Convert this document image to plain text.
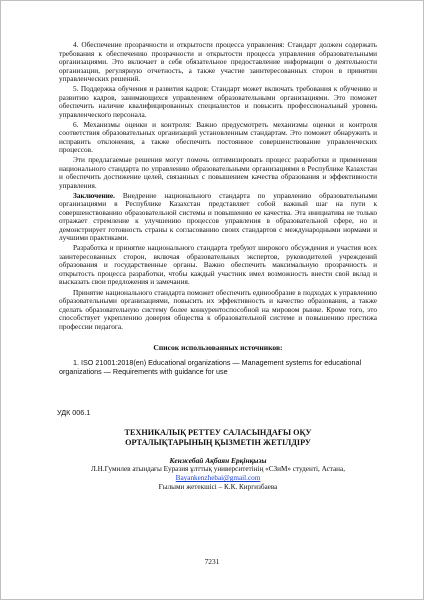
4. Обеспечение прозрачности и открытости процесса управления: Стандарт должен содержать требования к обеспечению прозрачности и открытости процесса управления образовательными организациями. Это включает в себя обязательное предоставление информации о деятельности организации, регулярную отчетность, а также участие заинтересованных сторон в принятии управленческих решений.

5. Поддержка обучения и развития кадров: Стандарт может включать требования к обучению и развитию кадров, занимающихся управлением образовательными организациями. Это поможет обеспечить наличие квалифицированных специалистов и повысить профессиональный уровень управленческого персонала.

6. Механизмы оценки и контроля: Важно предусмотреть механизмы оценки и контроля соответствия образовательных организаций установленным стандартам. Это поможет обнаружить и исправить отклонения, а также обеспечить постоянное совершенствование управленческих процессов.

Эти предлагаемые решения могут помочь оптимизировать процесс разработки и применения национального стандарта по управлению образовательными организациями в Республике Казахстан и обеспечить достижение целей, связанных с повышением качества образования и эффективности управления.

Заключение. Внедрение национального стандарта по управлению образовательными организациями в Республике Казахстан представляет собой важный шаг на пути к совершенствованию образовательной системы и повышению ее качества. Эта инициатива не только отражает стремление к улучшению процессов управления в образовательной сфере, но и демонстрирует готовность страны к согласованию своих стандартов с международными нормами и лучшими практиками.

Разработка и принятие национального стандарта требуют широкого обсуждения и участия всех заинтересованных сторон, включая образовательных экспертов, руководителей учреждений образования и государственные органы. Важно обеспечить максимальную прозрачность и открытость процесса разработки, чтобы каждый участник имел возможность внести свой вклад и высказать свои предложения и замечания.

Принятие национального стандарта поможет обеспечить единообразие в подходах к управлению образовательными организациями, повысить их эффективность и качество образования, а также сделать образовательную систему более конкурентоспособной на мировом рынке. Кроме того, это способствует укреплению доверия общества к образовательной системе и повышению престижа профессии педагога.

Список использованных источников:

1. ISO 21001:2018(en) Educational organizations — Management systems for educational organizations — Requirements with guidance for use

УДК 006.1
ТЕХНИКАЛЫҚ РЕТТЕУ САЛАСЫНДАҒЫ ОҚУ
ОРТАЛЫҚТАРЫНЫҢ ҚЫЗМЕТІН ЖЕТІЛДІРУ

Кенжебай Ақбаян Ерқінқызы

Л.Н.Гумилев атындағы Еуразия ұлттық университетінің «СЗиМ» студенті, Астана,

Bayankenzhebai@gmail.com

Ғылыми жетекшісі – К.К. Киргизбаева

7231
